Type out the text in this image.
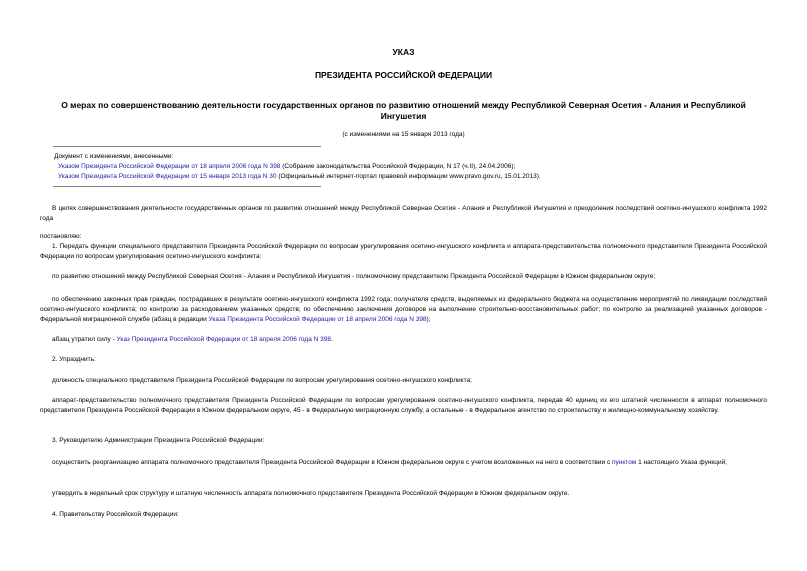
УКАЗ
ПРЕЗИДЕНТА РОССИЙСКОЙ ФЕДЕРАЦИИ
О мерах по совершенствованию деятельности государственных органов по развитию отношений между Республикой Северная Осетия - Алания и Республикой Ингушетия
(с изменениями на 15 января 2013 года)
Документ с изменениями, внесенными:
Указом Президента Российской Федерации от 18 апреля 2006 года N 398 (Собрание законодательства Российской Федерации, N 17 (ч.II), 24.04.2006);
Указом Президента Российской Федерации от 15 января 2013 года N 30 (Официальный интернет-портал правовой информации www.pravo.gov.ru, 15.01.2013).
В целях совершенствования деятельности государственных органов по развитию отношений между Республикой Северная Осетия - Алания и Республикой Ингушетия и преодоления последствий осетино-ингушского конфликта 1992 года
постановляю:
1. Передать функции специального представителя Президента Российской Федерации по вопросам урегулирования осетино-ингушского конфликта и аппарата-представительства полномочного представителя Президента Российской Федерации по вопросам урегулирования осетино-ингушского конфликта:
по развитию отношений между Республикой Северная Осетия - Алания и Республикой Ингушетия - полномочному представителю Президента Российской Федерации в Южном федеральном округе;
по обеспечению законных прав граждан, пострадавших в результате осетино-ингушского конфликта 1992 года; получателя средств, выделяемых из федерального бюджета на осуществление мероприятий по ликвидации последствий осетино-ингушского конфликта; по контролю за расходованием указанных средств; по обеспечению заключения договоров на выполнение строительно-восстановительных работ; по контролю за реализацией указанных договоров - Федеральной миграционной службе (абзац в редакции Указа Президента Российской Федерации от 18 апреля 2006 года N 398);
абзац утратил силу - Указ Президента Российской Федерации от 18 апреля 2006 года N 398.
2. Упразднить:
должность специального представителя Президента Российской Федерации по вопросам урегулирования осетино-ингушского конфликта;
аппарат-представительство полномочного представителя Президента Российской Федерации по вопросам урегулирования осетино-ингушского конфликта, передав 40 единиц из его штатной численности в аппарат полномочного представителя Президента Российской Федерации в Южном федеральном округе, 45 - в Федеральную миграционную службу, а остальные - в Федеральное агентство по строительству и жилищно-коммунальному хозяйству.
3. Руководителю Администрации Президента Российской Федерации:
осуществить реорганизацию аппарата полномочного представителя Президента Российской Федерации в Южном федеральном округе с учетом возложенных на него в соответствии с пунктом 1 настоящего Указа функций;
утвердить в недельный срок структуру и штатную численность аппарата полномочного представителя Президента Российской Федерации в Южном федеральном округе.
4. Правительству Российской Федерации:
